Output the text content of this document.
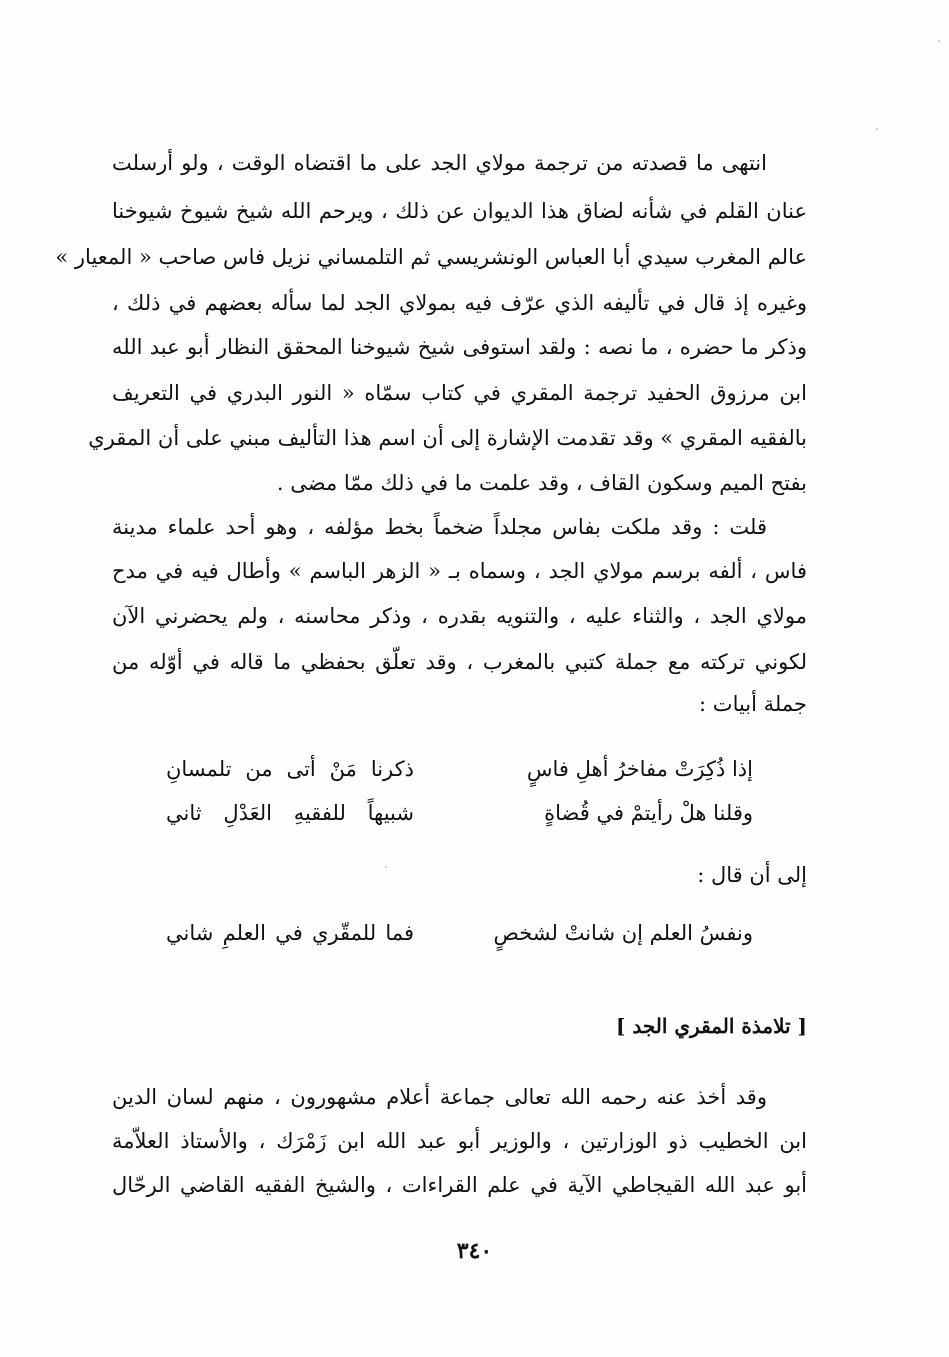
انتهى ما قصدته من ترجمة مولاي الجد على ما اقتضاه الوقت ، ولو أرسلت
عنان القلم في شأنه لضاق هذا الديوان عن ذلك ، ويرحم الله شيخ شيوخ شيوخنا
عالم المغرب سيدي أبا العباس الونشريسي ثم التلمساني نزيل فاس صاحب « المعيار »
وغيره إذ قال في تأليفه الذي عرّف فيه بمولاي الجد لما سأله بعضهم في ذلك ،
وذكر ما حضره ، ما نصه : ولقد استوفى شيخ شيوخنا المحقق النظار أبو عبد الله
ابن مرزوق الحفيد ترجمة المقري في كتاب سمّاه « النور البدري في التعريف
بالفقيه المقري » وقد تقدمت الإشارة إلى أن اسم هذا التأليف مبني على أن المقري
بفتح الميم وسكون القاف ، وقد علمت ما في ذلك ممّا مضى .
قلت : وقد ملكت بفاس مجلداً ضخماً بخط مؤلفه ، وهو أحد علماء مدينة
فاس ، ألفه برسم مولاي الجد ، وسماه بـ « الزهر الباسم » وأطال فيه في مدح
مولاي الجد ، والثناء عليه ، والتنويه بقدره ، وذكر محاسنه ، ولم يحضرني الآن
لكوني تركته مع جملة كتبي بالمغرب ، وقد تعلّق بحفظي ما قاله في أوّله من
جملة أبيات :
إذا ذُكِرَتْ مفاخرُ أهلِ فاسٍ
ذكرنا مَنْ أتى من تلمسانِ
وقلنا هلْ رأيتمْ في قُضاةٍ
شبيهاً للفقيهِ العَدْلِ ثاني
إلى أن قال :
ونفسُ العلم إن شانتْ لشخصٍ
فما للمقّري في العلمِ شاني
[ تلامذة المقري الجد ]
وقد أخذ عنه رحمه الله تعالى جماعة أعلام مشهورون ، منهم لسان الدين
ابن الخطيب ذو الوزارتين ، والوزير أبو عبد الله ابن زَمْرَك ، والأستاذ العلاّمة
أبو عبد الله القيجاطي الآية في علم القراءات ، والشيخ الفقيه القاضي الرحّال
٣٤٠
